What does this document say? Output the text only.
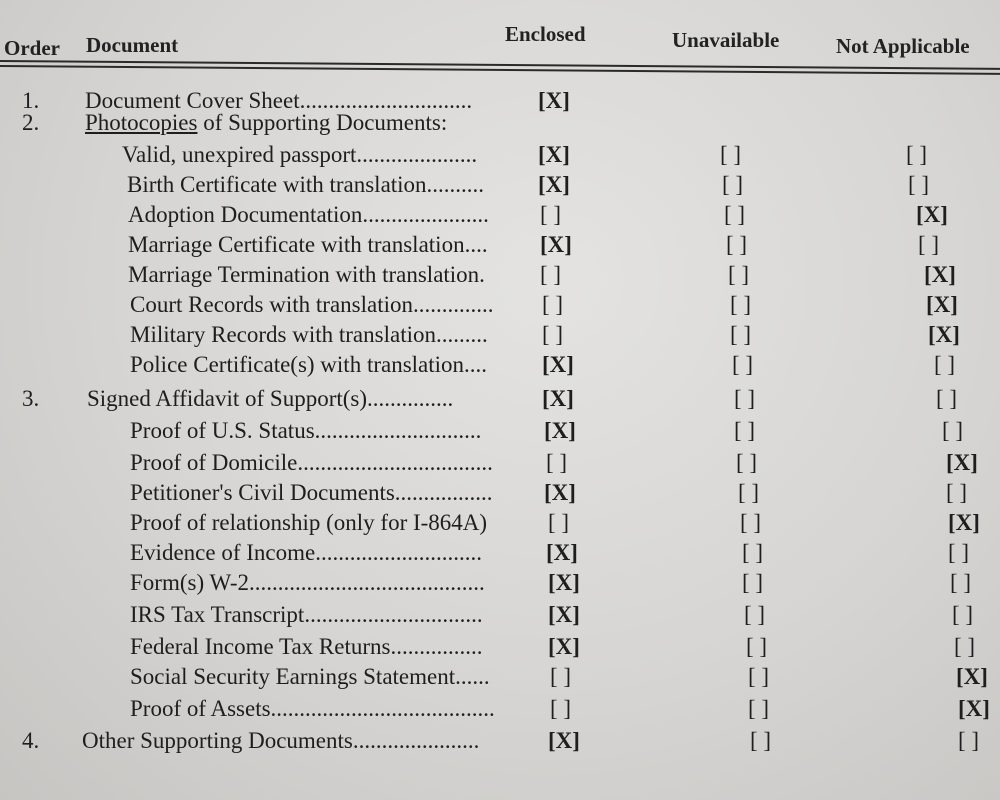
Order Document	Enclosed	Unavailable	Not Applicable
1. Document Cover Sheet..............................	[X]
2. Photocopies of Supporting Documents:
Valid, unexpired passport.....................	[X]	[ ]	[ ]
Birth Certificate with translation.......... [X]	[ ]	[ ]
Adoption Documentation...................... [ ]	[ ]	[X]
Marriage Certificate with translation.... [X]	[ ]	[ ]
Marriage Termination with translation. [ ]	[ ]	[X]
Court Records with translation.............. [ ]	[ ]	[X]
Military Records with translation......... [ ]	[ ]	[X]
Police Certificate(s) with translation.... [X]	[ ]	[ ]
3. Signed Affidavit of Support(s)...............	[X]	[ ]	[ ]
Proof of U.S. Status.............................	[X]	[ ]	[ ]
Proof of Domicile.................................. [ ]	[ ]	[X]
Petitioner's Civil Documents................. [X]	[ ]	[ ]
Proof of relationship (only for I-864A)	[ ]	[ ]	[X]
Evidence of Income.............................	[X]	[ ]	[ ]
Form(s) W-2.........................................	[X]	[ ]	[ ]
IRS Tax Transcript...............................	[X]	[ ]	[ ]
Federal Income Tax Returns................	[X]	[ ]	[ ]
Social Security Earnings Statement......	[ ]	[ ]	[X]
Proof of Assets....................................... [ ]	[ ]	[X]
4. Other Supporting Documents......................	[X]	[ ]	[ ]
